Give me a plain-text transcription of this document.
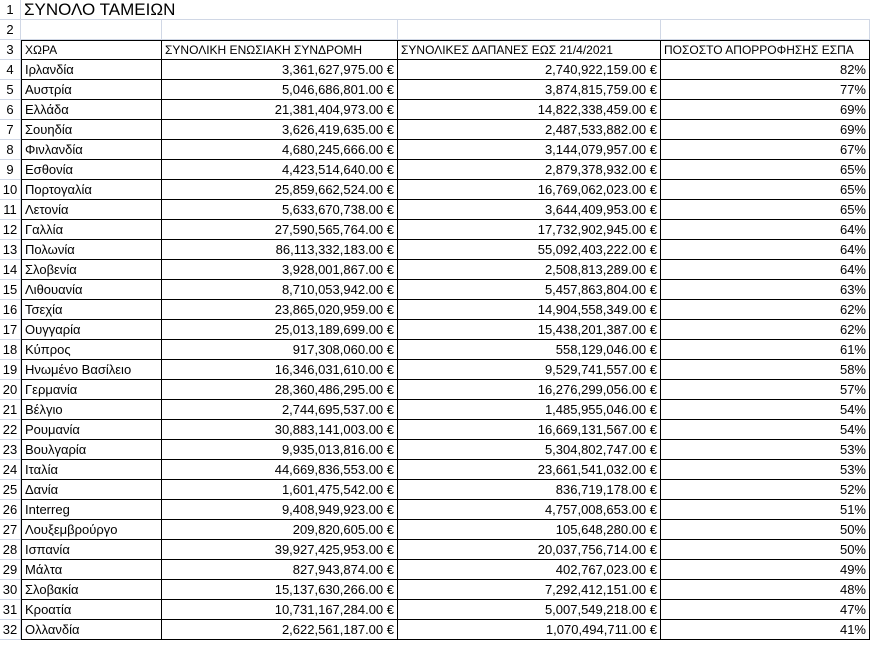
1 ΣΥΝΟΛΟ ΤΑΜΕΙΩΝ
2
3 ΧΩΡΑ	ΣΥΝΟΛΙΚΗ ΕΝΩΣΙΑΚΗ ΣΥΝΔΡΟΜΗ	ΣΥΝΟΛΙΚΕΣ ΔΑΠΑΝΕΣ ΕΩΣ 21/4/2021	ΠΟΣΟΣΤΟ ΑΠΟΡΡΟΦΗΣΗΣ ΕΣΠΑ
4 Ιρλανδία	3,361,627,975.00 €	2,740,922,159.00 €	82%
5 Αυστρία	5,046,686,801.00 €	3,874,815,759.00 €	77%
6 Ελλάδα	21,381,404,973.00 €	14,822,338,459.00 €	69%
7 Σουηδία	3,626,419,635.00 €	2,487,533,882.00 €	69%
8 Φινλανδία	4,680,245,666.00 €	3,144,079,957.00 €	67%
9 Εσθονία	4,423,514,640.00 €	2,879,378,932.00 €	65%
10 Πορτογαλία	25,859,662,524.00 €	16,769,062,023.00 €	65%
11 Λετονία	5,633,670,738.00 €	3,644,409,953.00 €	65%
12 Γαλλία	27,590,565,764.00 €	17,732,902,945.00 €	64%
13 Πολωνία	86,113,332,183.00 €	55,092,403,222.00 €	64%
14 Σλοβενία	3,928,001,867.00 €	2,508,813,289.00 €	64%
15 Λιθουανία	8,710,053,942.00 €	5,457,863,804.00 €	63%
16 Τσεχία	23,865,020,959.00 €	14,904,558,349.00 €	62%
17 Ουγγαρία	25,013,189,699.00 €	15,438,201,387.00 €	62%
18 Κύπρος	917,308,060.00 €	558,129,046.00 €	61%
19 Ηνωμένο Βασίλειο	16,346,031,610.00 €	9,529,741,557.00 €	58%
20 Γερμανία	28,360,486,295.00 €	16,276,299,056.00 €	57%
21 Βέλγιο	2,744,695,537.00 €	1,485,955,046.00 €	54%
22 Ρουμανία	30,883,141,003.00 €	16,669,131,567.00 €	54%
23 Βουλγαρία	9,935,013,816.00 €	5,304,802,747.00 €	53%
24 Ιταλία	44,669,836,553.00 €	23,661,541,032.00 €	53%
25 Δανία	1,601,475,542.00 €	836,719,178.00 €	52%
26 Interreg	9,408,949,923.00 €	4,757,008,653.00 €	51%
27 Λουξεμβρούργο	209,820,605.00 €	105,648,280.00 €	50%
28 Ισπανία	39,927,425,953.00 €	20,037,756,714.00 €	50%
29 Μάλτα	827,943,874.00 €	402,767,023.00 €	49%
30 Σλοβακία	15,137,630,266.00 €	7,292,412,151.00 €	48%
31 Κροατία	10,731,167,284.00 €	5,007,549,218.00 €	47%
32 Ολλανδία	2,622,561,187.00 €	1,070,494,711.00 €	41%
